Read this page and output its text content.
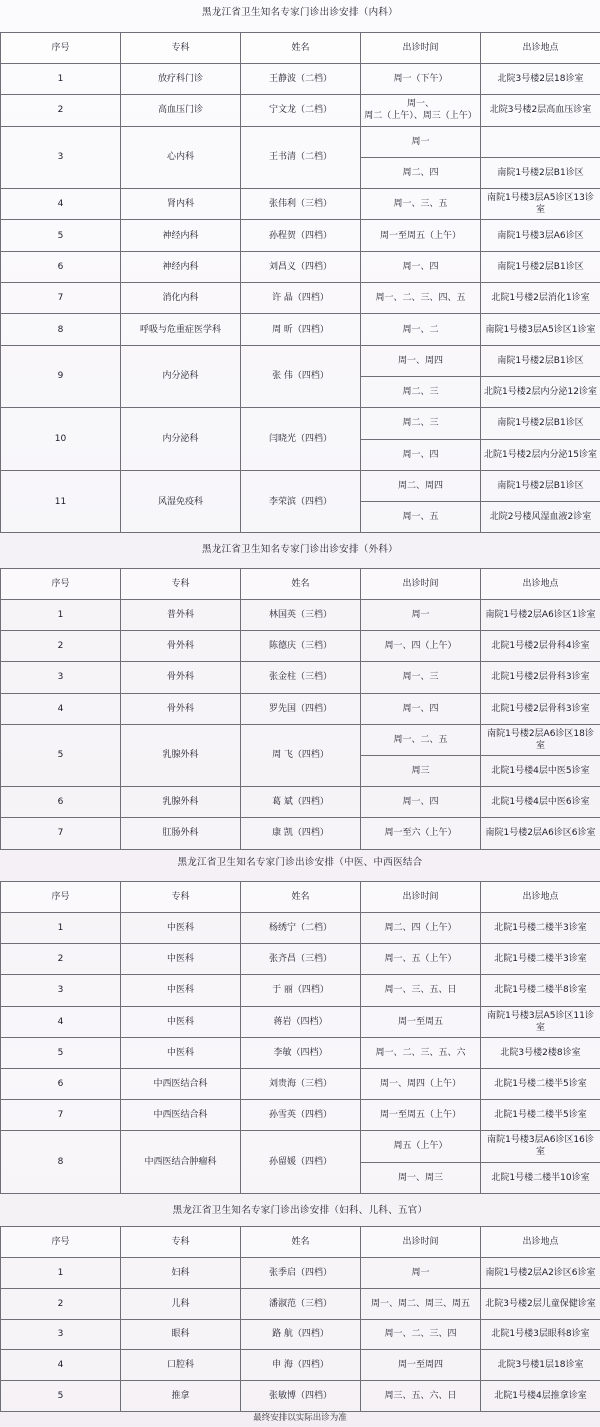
黑龙江省卫生知名专家门诊出诊安排（内科）
序号	专科	姓名	出诊时间	出诊地点
1	放疗科门诊	王静波（二档）	周一（下午）	北院3号楼2层18诊室
2	高血压门诊	宁文龙（二档）	周一、
周二（上午）、周三（上午）	北院3号楼2层高血压诊室
3	心内科	王书清（二档）	周一	
			周二、四	南院1号楼2层B1诊区
4	肾内科	张伟利（三档）	周一、三、五	南院1号楼3层A5诊区13诊室
5	神经内科	孙程贺（四档）	周一至周五（上午）	南院1号楼3层A6诊区
6	神经内科	刘昌义（四档）	周一、四	南院1号楼2层B1诊区
7	消化内科	许 晶（四档）	周一、二、三、四、五	北院1号楼2层消化1诊室
8	呼吸与危重症医学科	周 昕（四档）	周一、二	南院1号楼3层A5诊区1诊室
9	内分泌科	张 伟（四档）	周一、周四	南院1号楼2层B1诊区
			周二、三	北院1号楼2层内分泌12诊室
10	内分泌科	闫晓光（四档）	周二、三	南院1号楼2层B1诊区
			周一、四	北院1号楼2层内分泌15诊室
11	风湿免疫科	李荣滨（四档）	周二、周四	南院1号楼2层B1诊区
			周一、五	北院2号楼风湿血液2诊室
黑龙江省卫生知名专家门诊出诊安排（外科）
序号	专科	姓名	出诊时间	出诊地点
1	普外科	林国英（三档）	周一	南院1号楼2层A6诊区1诊室
2	骨外科	陈德庆（三档）	周一、四（上午）	北院1号楼2层骨科4诊室
3	骨外科	张金柱（三档）	周一、三	北院1号楼2层骨科3诊室
4	骨外科	罗先国（四档）	周一、四	北院1号楼2层骨科3诊室
5	乳腺外科	周 飞（四档）	周一、二、五	南院1号楼2层A6诊区18诊室
			周三	北院1号楼4层中医5诊室
6	乳腺外科	葛 斌（四档）	周一、四	北院1号楼4层中医6诊室
7	肛肠外科	康 凯（四档）	周一至六（上午）	南院1号楼2层A6诊区6诊室
黑龙江省卫生知名专家门诊出诊安排（中医、中西医结合
序号	专科	姓名	出诊时间	出诊地点
1	中医科	杨绣宁（二档）	周二、四（上午）	北院1号楼二楼半3诊室
2	中医科	张齐昌（三档）	周一、五（上午）	北院1号楼二楼半3诊室
3	中医科	于 丽（四档）	周一、三、五、日	北院1号楼二楼半8诊室
4	中医科	蒋岩（四档）	周一至周五	南院1号楼3层A5诊区11诊室
5	中医科	李敏（四档）	周一、二、三、五、六	北院3号楼2楼8诊室
6	中西医结合科	刘贵海（三档）	周一、周四（上午）	北院1号楼二楼半5诊室
7	中西医结合科	孙雪英（四档）	周一至周五（上午）	北院1号楼二楼半5诊室
8	中西医结合肿瘤科	孙留媛（四档）	周五（上午）	南院1号楼3层A6诊区16诊室
			周一、周三	北院1号楼二楼半10诊室
黑龙江省卫生知名专家门诊出诊安排（妇科、儿科、五官）
序号	专科	姓名	出诊时间	出诊地点
1	妇科	张季启（四档）	周一	南院1号楼2层A2诊区6诊室
2	儿科	潘淑范（三档）	周一、周二、周三、周五	北院3号楼2层儿童保健诊室
3	眼科	路 航（四档）	周一、二、三、四	北院1号楼3层眼科8诊室
4	口腔科	申 海（四档）	周一至周四	北院3号楼1层18诊室
5	推拿	张敏博（四档）	周三、五、六、日	北院1号楼4层推拿诊室
最终安排以实际出诊为准
